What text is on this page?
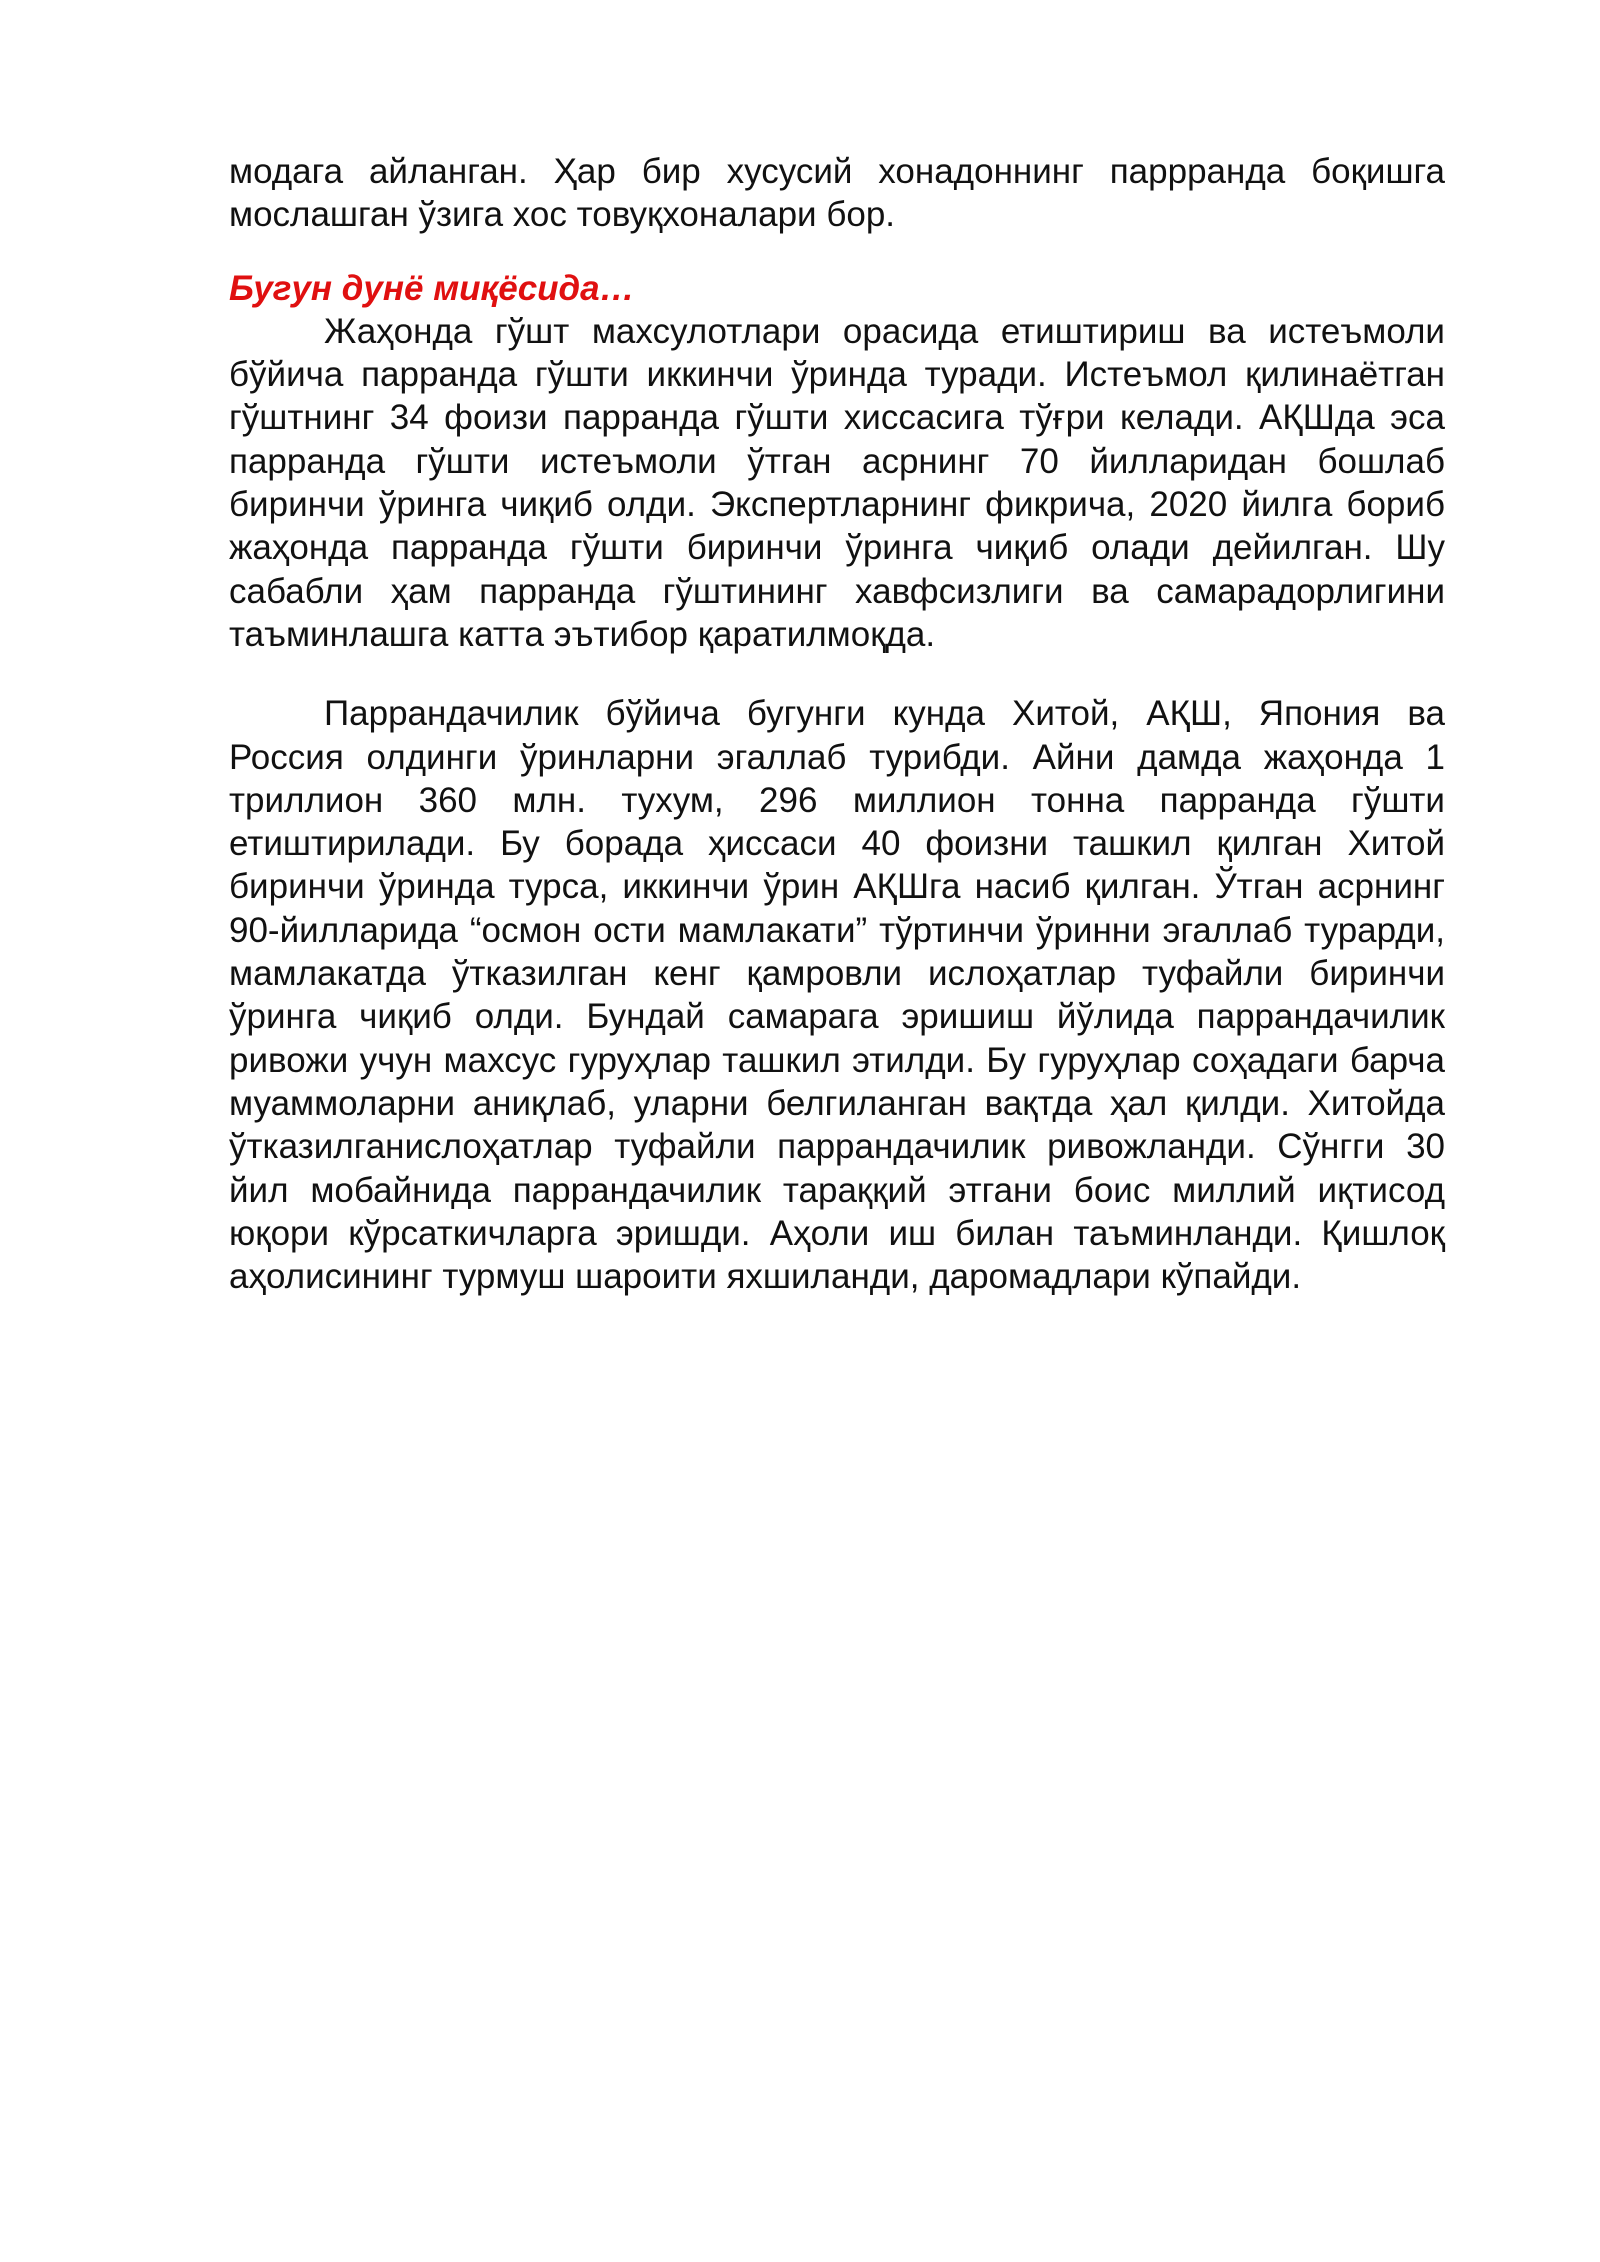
модага айланган. Ҳар бир хусусий хонадоннинг паррранда боқишга мослашган ўзига хос товуқхоналари бор.

Бугун дунё миқёсида…

Жаҳонда гўшт махсулотлари орасида етиштириш ва истеъмоли бўйича парранда гўшти иккинчи ўринда туради. Истеъмол қилинаётган гўштнинг 34 фоизи парранда гўшти хиссасига тўғри келади. АҚШда эса парранда гўшти истеъмоли ўтган асрнинг 70 йилларидан бошлаб биринчи ўринга чиқиб олди. Экспертларнинг фикрича, 2020 йилга бориб жаҳонда парранда гўшти биринчи ўринга чиқиб олади дейилган. Шу сабабли ҳам парранда гўштининг хавфсизлиги ва самарадорлигини таъминлашга катта эътибор қаратилмоқда.

Паррандачилик бўйича бугунги кунда Хитой, АҚШ, Япония ва Россия олдинги ўринларни эгаллаб турибди. Айни дамда жаҳонда 1 триллион 360 млн. тухум, 296 миллион тонна парранда гўшти етиштирилади. Бу борада ҳиссаси 40 фоизни ташкил қилган Хитой биринчи ўринда турса, иккинчи ўрин АҚШга насиб қилган. Ўтган асрнинг 90-йилларида “осмон ости мамлакати” тўртинчи ўринни эгаллаб турарди, мамлакатда ўтказилган кенг қамровли ислоҳатлар туфайли биринчи ўринга чиқиб олди. Бундай самарага эришиш йўлида паррандачилик ривожи учун махсус гуруҳлар ташкил этилди. Бу гуруҳлар соҳадаги барча муаммоларни аниқлаб, уларни белгиланган вақтда ҳал қилди. Хитойда ўтказилганислоҳатлар туфайли паррандачилик ривожланди. Сўнгги 30 йил мобайнида паррандачилик тараққий этгани боис миллий иқтисод юқори кўрсаткичларга эришди. Аҳоли иш билан таъминланди. Қишлоқ аҳолисининг турмуш шароити яхшиланди, даромадлари кўпайди.
